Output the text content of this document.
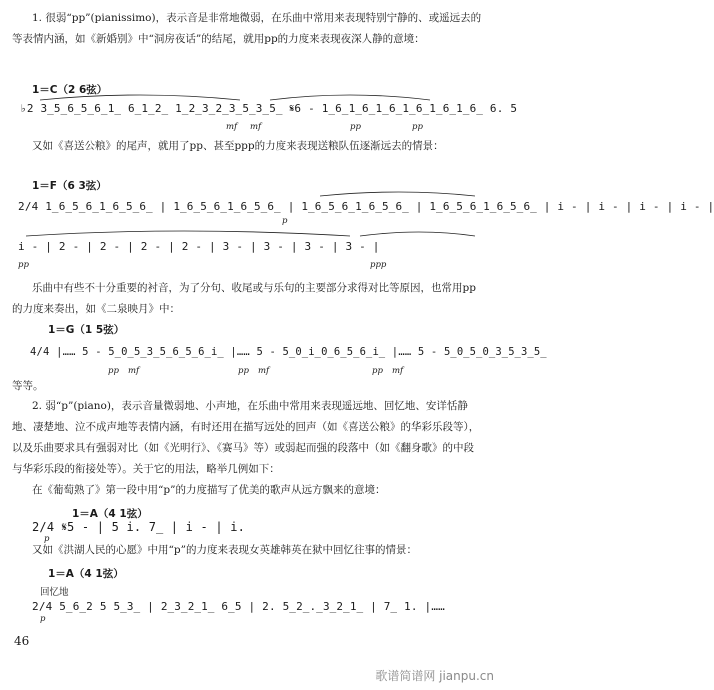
1. 很弱“pp”(pianissimo)，表示音是非常地微弱，在乐曲中常用来表现特别宁静的、或遥远去的等表情内涵，如《新婚别》中“洞房夜话”的结尾，就用pp的力度来表现夜深人静的意境：

1＝C（2 6弦）
♭2 3̲5̲6̲5̲6̲1̲ 6̲1̲2̲ 1̲2̲3̲2̲3̲5̲3̲5̲ 𝄋6 - 1̲6̲1̲6̲1̲6̲1̲6̲1̲6̲1̲6̲ 6. 5
mf mf	pp	pp

又如《喜送公粮》的尾声，就用了pp、甚至ppp的力度来表现送粮队伍逐渐远去的情景：

1＝F（6 3弦）
2/4 1̲6̲5̲6̲1̲6̲5̲6̲ | 1̲6̲5̲6̲1̲6̲5̲6̲ | 1̲6̲5̲6̲1̲6̲5̲6̲ | 1̲6̲5̲6̲1̲6̲5̲6̲ | i - | i - | i - | i - |
p
i - | 2 - | 2 - | 2 - | 2 - | 3 - | 3 - | 3 - | 3 - |
pp	ppp

乐曲中有些不十分重要的衬音，为了分句、收尾或与乐句的主要部分求得对比等原因，也常用pp的力度来奏出，如《二泉映月》中：

1＝G（1 5弦）
4/4 |…… 5 - 5̲0̲5̲3̲5̲6̲5̲6̲i̲ |…… 5 - 5̲0̲i̲0̲6̲5̲6̲i̲ |…… 5 - 5̲0̲5̲0̲3̲5̲3̲5̲
pp mf	pp mf	pp mf

等等。

2. 弱“p”(piano)，表示音量微弱地、小声地，在乐曲中常用来表现遥远地、回忆地、安详恬静地、凄楚地、泣不成声地等表情内涵，有时还用在描写远处的回声（如《喜送公粮》的华彩乐段等），以及乐曲要求具有强弱对比（如《光明行》、《赛马》等）或弱起而强的段落中（如《翻身歌》的中段与华彩乐段的衔接处等）。关于它的用法，略举几例如下：

在《葡萄熟了》第一段中用“p”的力度描写了优美的歌声从远方飘来的意境：

1＝A（4 1弦）
2/4 𝄋5 - | 5 i. 7̲ | i - | i.
p

又如《洪湖人民的心愿》中用“p”的力度来表现女英雄韩英在狱中回忆往事的情景：

1＝A（4 1弦）
回忆地
2/4 5̲6̲2 5 5̲3̲ | 2̲3̲2̲1̲ 6̲5 | 2. 5̲2̲.̲3̲2̲1̲ | 7̲ 1. |……
p
46
歌谱简谱网 jianpu.cn
